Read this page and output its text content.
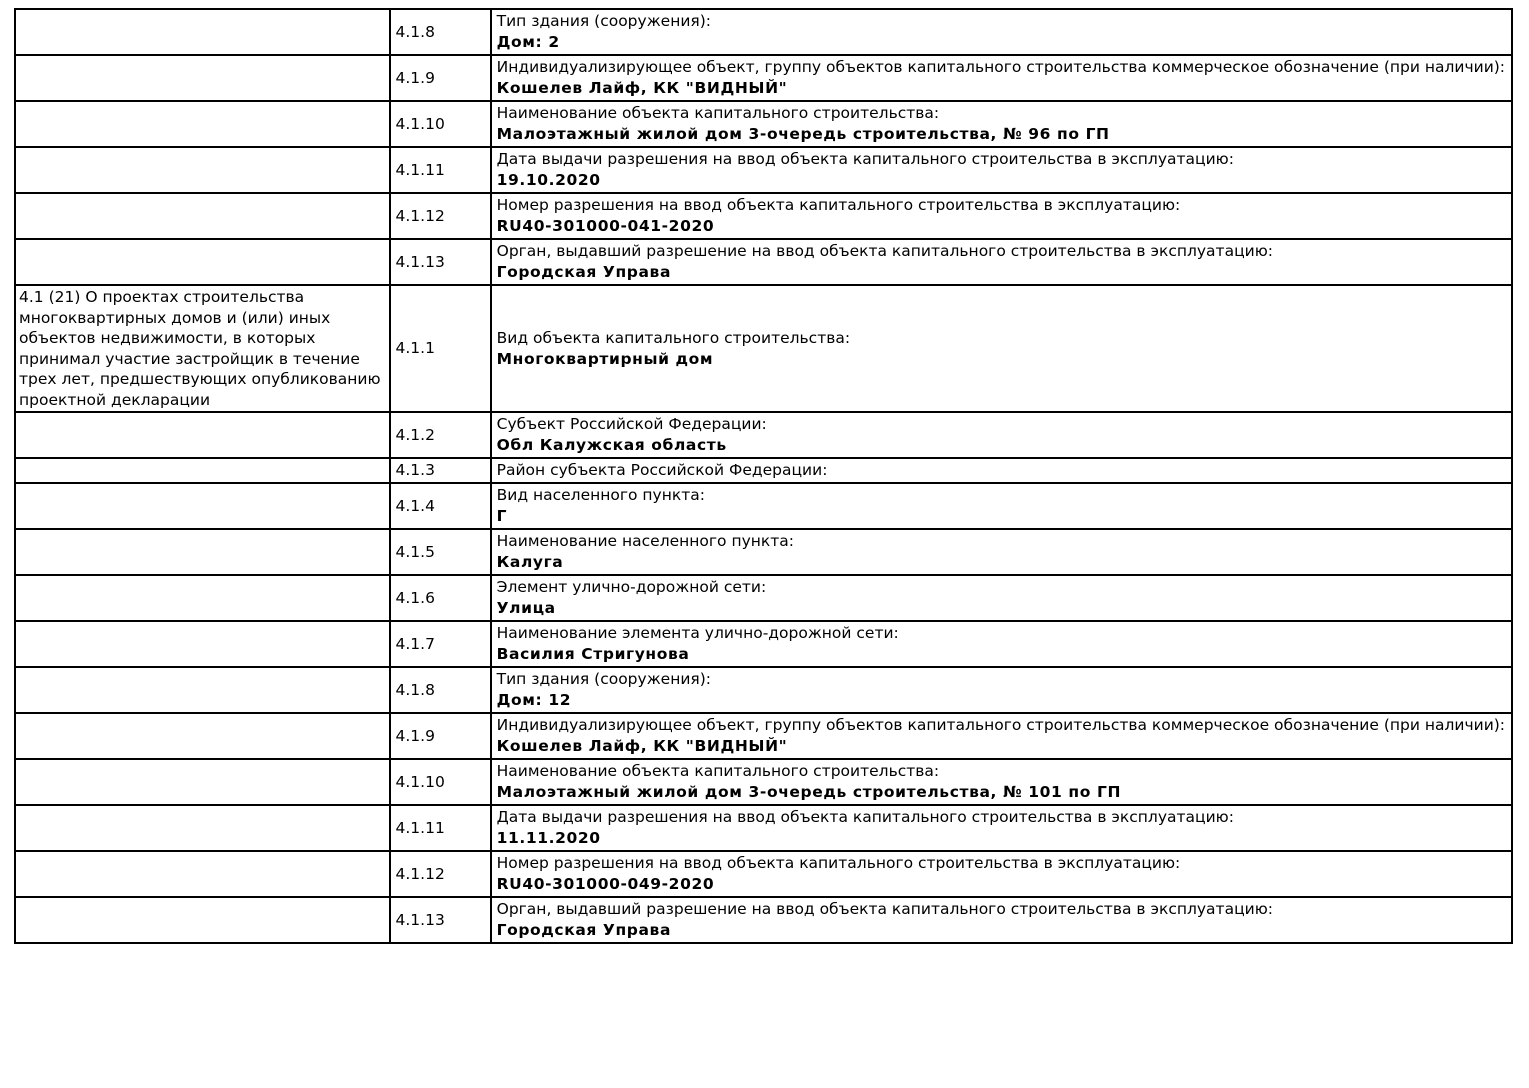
	4.1.8	Тип здания (сооружения):
Дом: 2

	4.1.9	Индивидуализирующее объект, группу объектов капитального строительства коммерческое обозначение (при наличии):
Кошелев Лайф, КК "ВИДНЫЙ"

	4.1.10	Наименование объекта капитального строительства:
Малоэтажный жилой дом 3-очередь строительства, № 96 по ГП

	4.1.11	Дата выдачи разрешения на ввод объекта капитального строительства в эксплуатацию:
19.10.2020

	4.1.12	Номер разрешения на ввод объекта капитального строительства в эксплуатацию:
RU40-301000-041-2020

	4.1.13	Орган, выдавший разрешение на ввод объекта капитального строительства в эксплуатацию:
Городская Управа

4.1 (21) О проектах строительства многоквартирных домов и (или) иных объектов недвижимости, в которых принимал участие застройщик в течение трех лет, предшествующих опубликованию проектной декларации	4.1.1	Вид объекта капитального строительства:
Многоквартирный дом

	4.1.2	Субъект Российской Федерации:
Обл Калужская область

	4.1.3	Район субъекта Российской Федерации:

	4.1.4	Вид населенного пункта:
Г

	4.1.5	Наименование населенного пункта:
Калуга

	4.1.6	Элемент улично-дорожной сети:
Улица

	4.1.7	Наименование элемента улично-дорожной сети:
Василия Стригунова

	4.1.8	Тип здания (сооружения):
Дом: 12

	4.1.9	Индивидуализирующее объект, группу объектов капитального строительства коммерческое обозначение (при наличии):
Кошелев Лайф, КК "ВИДНЫЙ"

	4.1.10	Наименование объекта капитального строительства:
Малоэтажный жилой дом 3-очередь строительства, № 101 по ГП

	4.1.11	Дата выдачи разрешения на ввод объекта капитального строительства в эксплуатацию:
11.11.2020

	4.1.12	Номер разрешения на ввод объекта капитального строительства в эксплуатацию:
RU40-301000-049-2020

	4.1.13	Орган, выдавший разрешение на ввод объекта капитального строительства в эксплуатацию:
Городская Управа
